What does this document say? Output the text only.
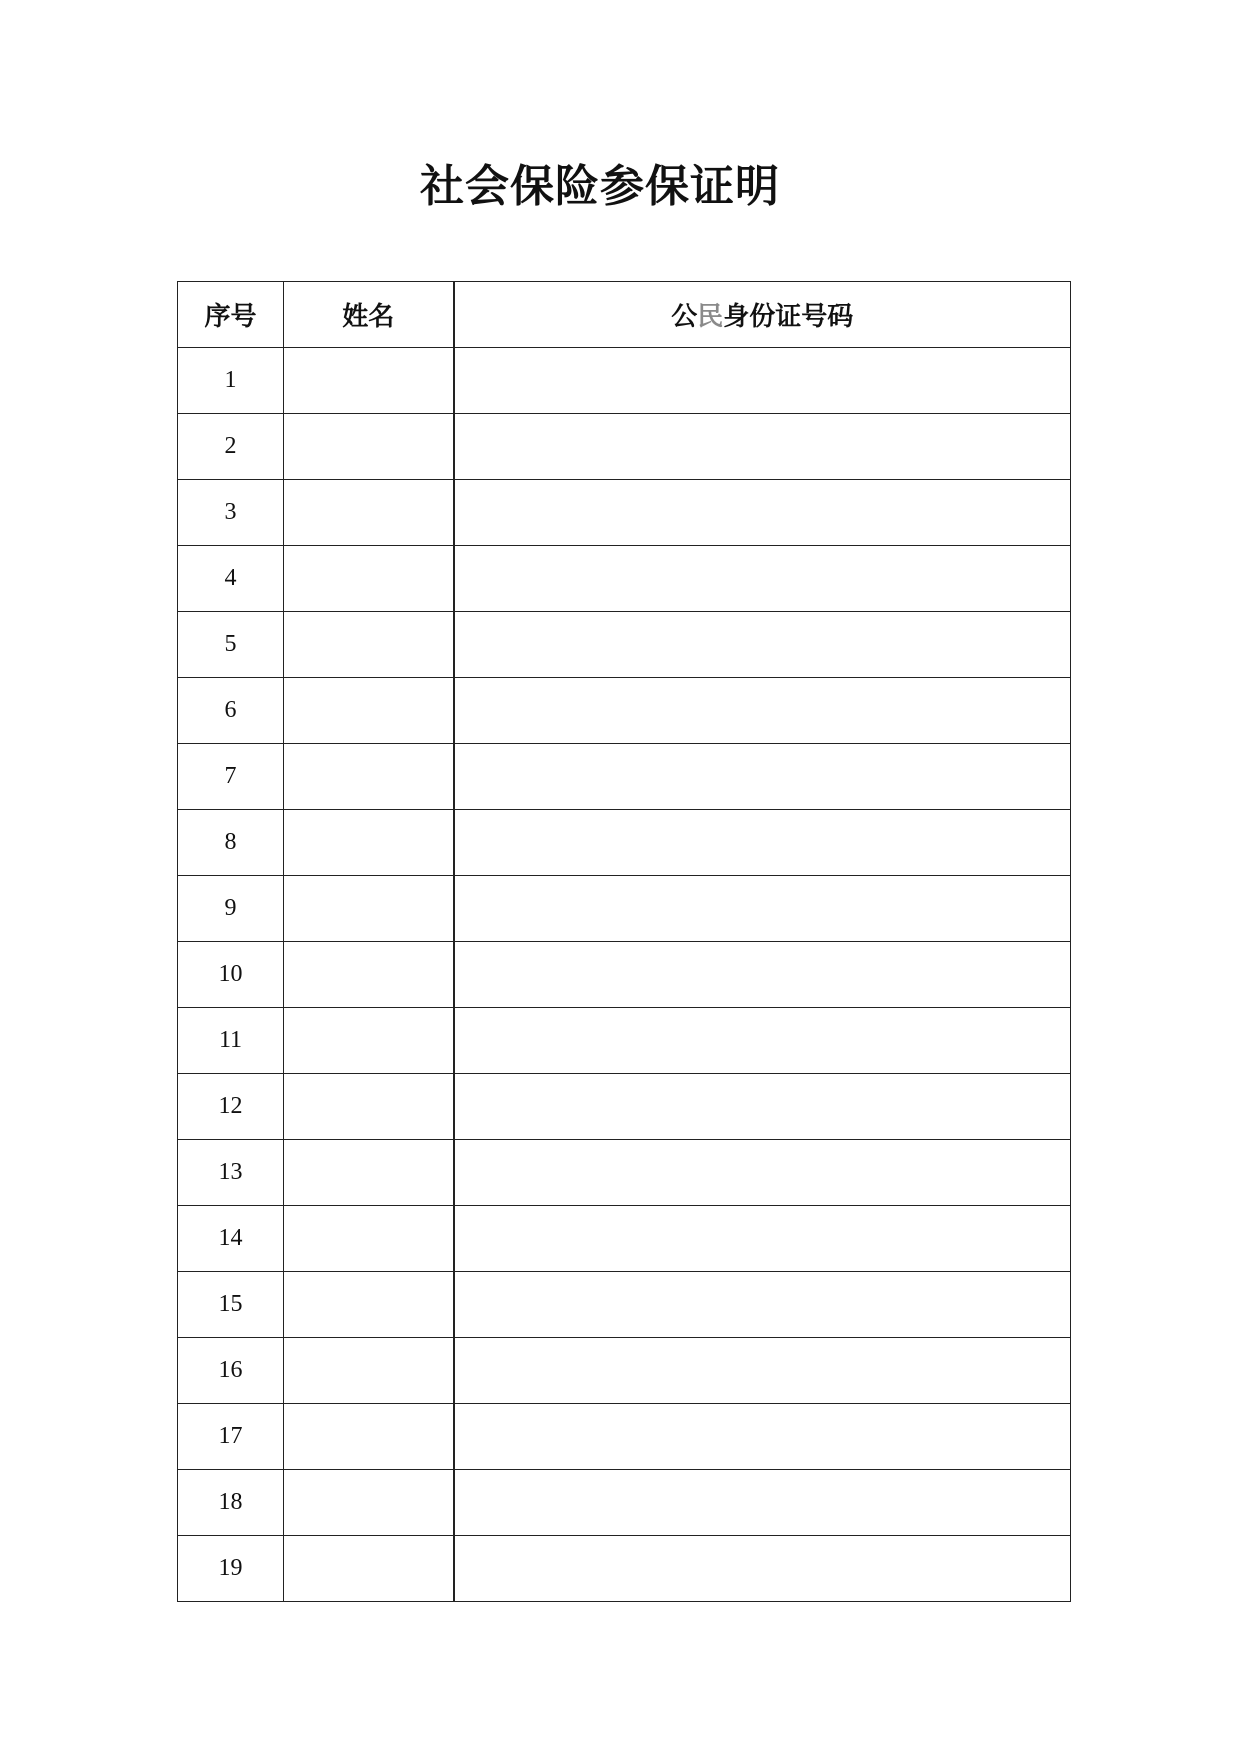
社会保险参保证明
序号	姓名	公民身份证号码
1		
2		
3		
4		
5		
6		
7		
8		
9		
10		
11		
12		
13		
14		
15		
16		
17		
18		
19		
